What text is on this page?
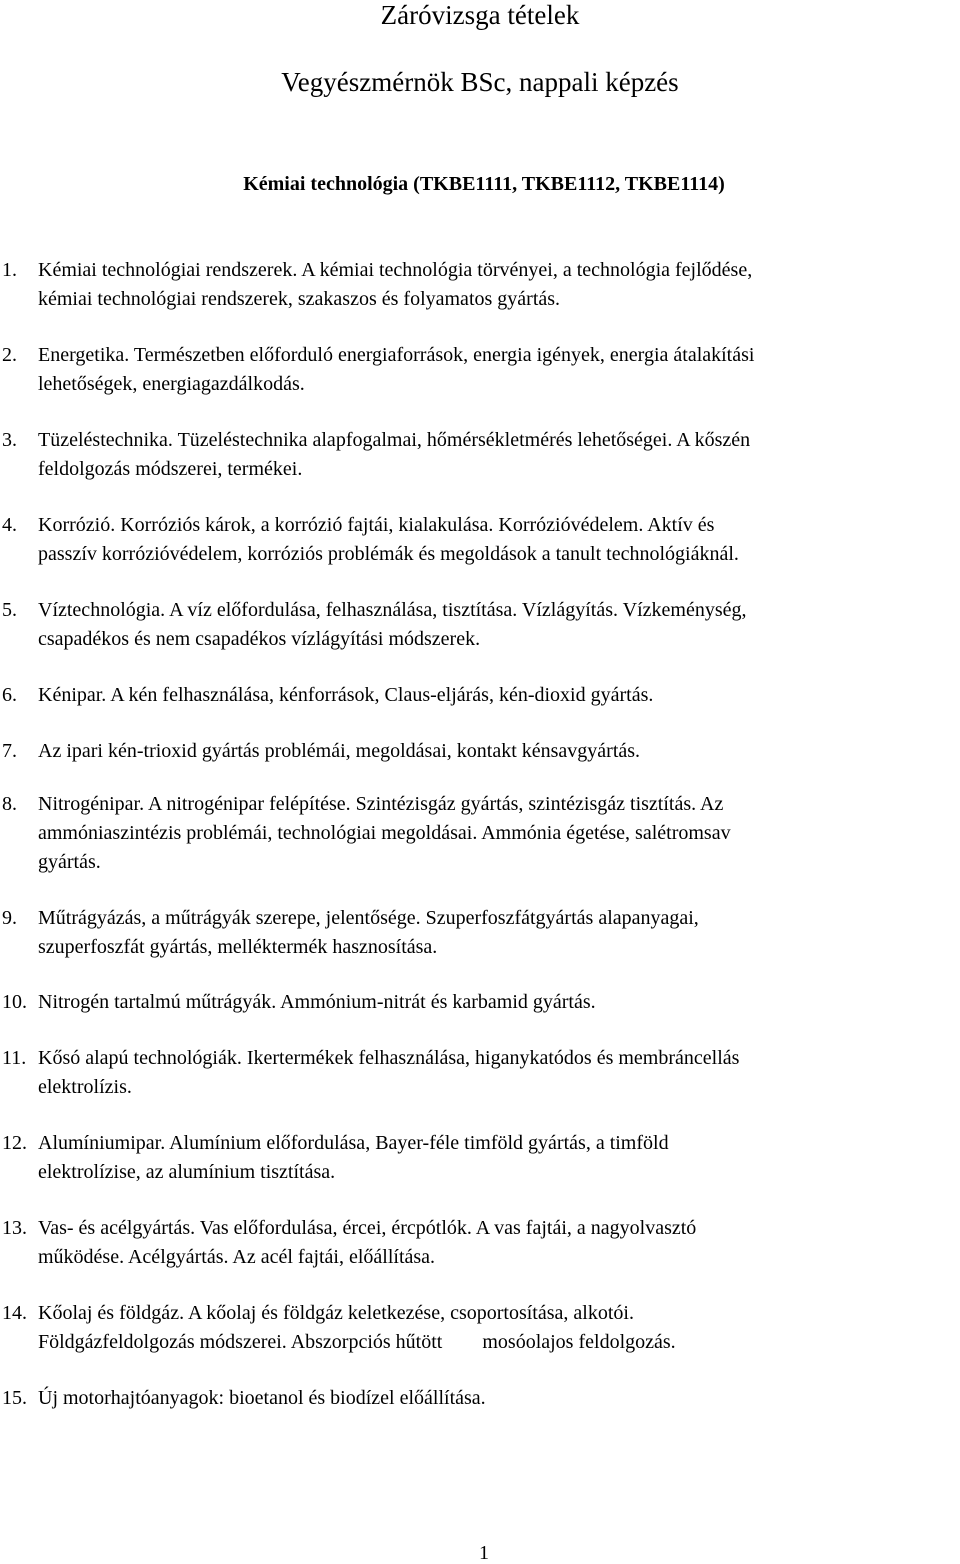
Záróvizsga tételek
Vegyészmérnök BSc, nappali képzés
Kémiai technológia (TKBE1111, TKBE1112, TKBE1114)
1.	Kémiai technológiai rendszerek. A kémiai technológia törvényei, a technológia fejlődése,
kémiai technológiai rendszerek, szakaszos és folyamatos gyártás.
2.	Energetika. Természetben előforduló energiaforrások, energia igények, energia átalakítási
lehetőségek, energiagazdálkodás.
3.	Tüzeléstechnika. Tüzeléstechnika alapfogalmai, hőmérsékletmérés lehetőségei. A kőszén
feldolgozás módszerei, termékei.
4.	Korrózió. Korróziós károk, a korrózió fajtái, kialakulása. Korrózióvédelem. Aktív és
passzív korrózióvédelem, korróziós problémák és megoldások a tanult technológiáknál.
5.	Víztechnológia. A víz előfordulása, felhasználása, tisztítása. Vízlágyítás. Vízkeménység,
csapadékos és nem csapadékos vízlágyítási módszerek.
6.	Kénipar. A kén felhasználása, kénforrások, Claus-eljárás, kén-dioxid gyártás.
7.	Az ipari kén-trioxid gyártás problémái, megoldásai, kontakt kénsavgyártás.
8.	Nitrogénipar. A nitrogénipar felépítése. Szintézisgáz gyártás, szintézisgáz tisztítás. Az
ammóniaszintézis problémái, technológiai megoldásai. Ammónia égetése, salétromsav
gyártás.
9.	Műtrágyázás, a műtrágyák szerepe, jelentősége. Szuperfoszfátgyártás alapanyagai,
szuperfoszfát gyártás, melléktermék hasznosítása.
10. Nitrogén tartalmú műtrágyák. Ammónium-nitrát és karbamid gyártás.
11. Kősó alapú technológiák. Ikertermékek felhasználása, higanykatódos és membráncellás
elektrolízis.
12. Alumíniumipar. Alumínium előfordulása, Bayer-féle timföld gyártás, a timföld
elektrolízise, az alumínium tisztítása.
13. Vas- és acélgyártás. Vas előfordulása, ércei, ércpótlók. A vas fajtái, a nagyolvasztó
működése. Acélgyártás. Az acél fajtái, előállítása.
14. Kőolaj és földgáz. A kőolaj és földgáz keletkezése, csoportosítása, alkotói.
Földgázfeldolgozás módszerei. Abszorpciós hűtött        mosóolajos feldolgozás.
15. Új motorhajtóanyagok: bioetanol és biodízel előállítása.
1
